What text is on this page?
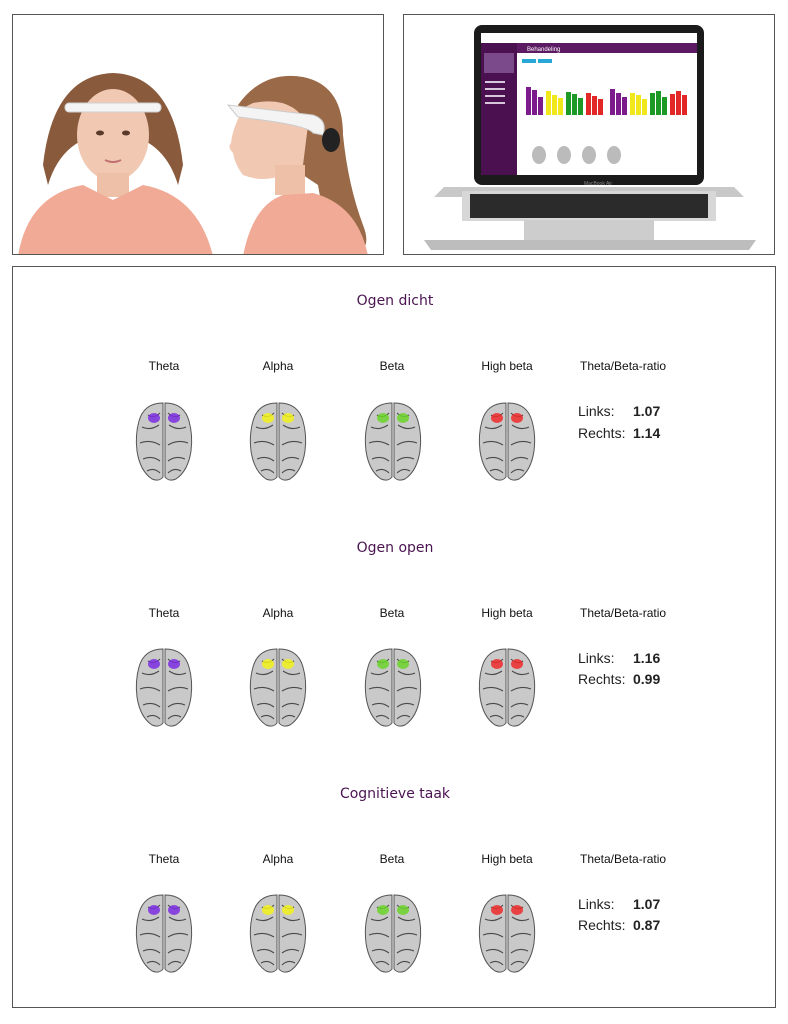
Behandeling
MacBook Air
Ogen dicht
Theta	Alpha	Beta	High beta	Theta/Beta-ratio
Links: 1.07
Rechts: 1.14
Ogen open
Theta	Alpha	Beta	High beta	Theta/Beta-ratio
Links: 1.16
Rechts: 0.99
Cognitieve taak
Theta	Alpha	Beta	High beta	Theta/Beta-ratio
Links: 1.07
Rechts: 0.87
